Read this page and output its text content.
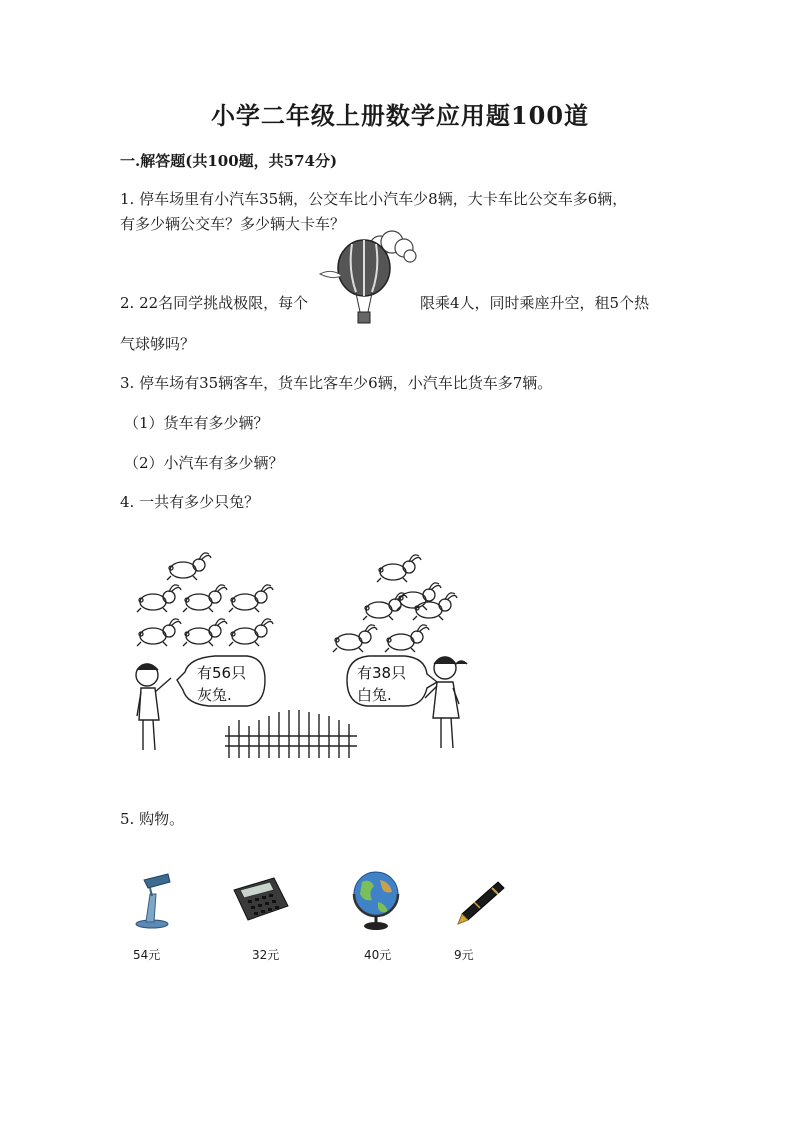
小学二年级上册数学应用题100道
一.解答题(共100题，共574分)
1. 停车场里有小汽车35辆，公交车比小汽车少8辆，大卡车比公交车多6辆，
有多少辆公交车？多少辆大卡车？
2. 22名同学挑战极限，每个	限乘4人，同时乘座升空，租5个热
气球够吗？
3. 停车场有35辆客车，货车比客车少6辆，小汽车比货车多7辆。
（1）货车有多少辆？
（2）小汽车有多少辆？
4. 一共有多少只兔？
有56只
灰兔.
有38只
白兔.
5. 购物。
54元	32元	40元	9元
